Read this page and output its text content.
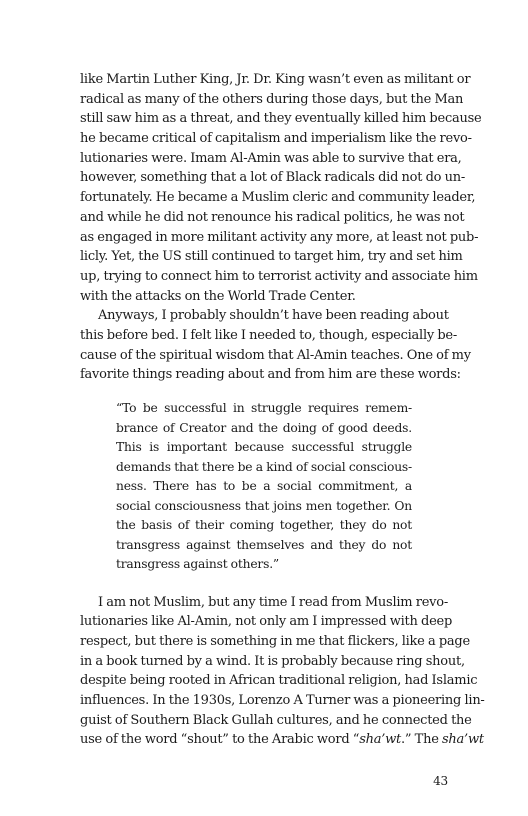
like Martin Luther King, Jr. Dr. King wasn’t even as militant or
radical as many of the others during those days, but the Man
still saw him as a threat, and they eventually killed him because
he became critical of capitalism and imperialism like the revo-
lutionaries were. Imam Al-Amin was able to survive that era,
however, something that a lot of Black radicals did not do un-
fortunately. He became a Muslim cleric and community leader,
and while he did not renounce his radical politics, he was not
as engaged in more militant activity any more, at least not pub-
licly. Yet, the US still continued to target him, try and set him
up, trying to connect him to terrorist activity and associate him
with the attacks on the World Trade Center.
Anyways, I probably shouldn’t have been reading about
this before bed. I felt like I needed to, though, especially be-
cause of the spiritual wisdom that Al-Amin teaches. One of my
favorite things reading about and from him are these words:
“To be successful in struggle requires remem-
brance of Creator and the doing of good deeds.
This is important because successful struggle
demands that there be a kind of social conscious-
ness. There has to be a social commitment, a
social consciousness that joins men together. On
the basis of their coming together, they do not
transgress against themselves and they do not
transgress against others.”
I am not Muslim, but any time I read from Muslim revo-
lutionaries like Al-Amin, not only am I impressed with deep
respect, but there is something in me that flickers, like a page
in a book turned by a wind. It is probably because ring shout,
despite being rooted in African traditional religion, had Islamic
influences. In the 1930s, Lorenzo A Turner was a pioneering lin-
guist of Southern Black Gullah cultures, and he connected the
use of the word “shout” to the Arabic word “sha’wt.” The sha’wt
43
